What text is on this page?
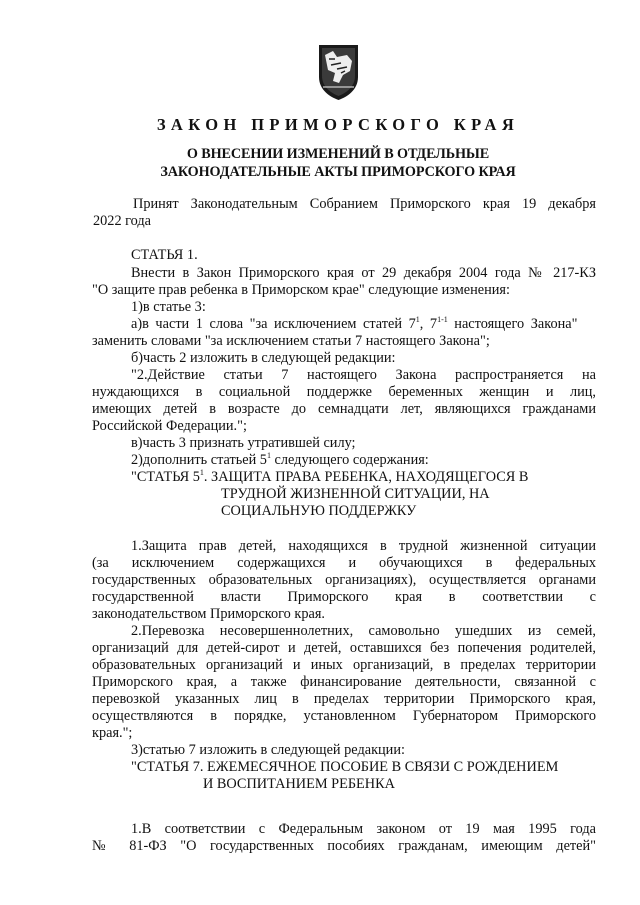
ЗАКОН ПРИМОРСКОГО КРАЯ
О ВНЕСЕНИИ ИЗМЕНЕНИЙ В ОТДЕЛЬНЫЕ
ЗАКОНОДАТЕЛЬНЫЕ АКТЫ ПРИМОРСКОГО КРАЯ
Принят Законодательным Собранием Приморского края 19 декабря
2022 года
СТАТЬЯ 1.
Внести в Закон Приморского края от 29 декабря 2004 года № 217-КЗ
"О защите прав ребенка в Приморском крае" следующие изменения:
1)в статье 3:
а)в части 1 слова "за исключением статей $7^1$, 7$^{1-1}$ настоящего Закона"
заменить словами "за исключением статьи 7 настоящего Закона";
б)часть 2 изложить в следующей редакции:
"2.Действие статьи 7 настоящего Закона распространяется на
нуждающихся в социальной поддержке беременных женщин и лиц,
имеющих детей в возрасте до семнадцати лет, являющихся гражданами
Российской Федерации.";
в)часть 3 признать утратившей силу;
2)дополнить статьей $5^1$ следующего содержания:
"СТАТЬЯ $5^1$. ЗАЩИТА ПРАВА РЕБЕНКА, НАХОДЯЩЕГОСЯ В
ТРУДНОЙ ЖИЗНЕННОЙ СИТУАЦИИ, НА
СОЦИАЛЬНУЮ ПОДДЕРЖКУ
1.Защита прав детей, находящихся в трудной жизненной ситуации
(за исключением содержащихся и обучающихся в федеральных
государственных образовательных организациях), осуществляется органами
государственной власти Приморского края в соответствии с
законодательством Приморского края.
2.Перевозка несовершеннолетних, самовольно ушедших из семей,
организаций для детей-сирот и детей, оставшихся без попечения родителей,
образовательных организаций и иных организаций, в пределах территории
Приморского края, а также финансирование деятельности, связанной с
перевозкой указанных лиц в пределах территории Приморского края,
осуществляются в порядке, установленном Губернатором Приморского
края.";
3)статью 7 изложить в следующей редакции:
"СТАТЬЯ 7. ЕЖЕМЕСЯЧНОЕ ПОСОБИЕ В СВЯЗИ С РОЖДЕНИЕМ
И ВОСПИТАНИЕМ РЕБЕНКА
1.В соответствии с Федеральным законом от 19 мая 1995 года
№ 81-ФЗ "О государственных пособиях гражданам, имеющим детей"
